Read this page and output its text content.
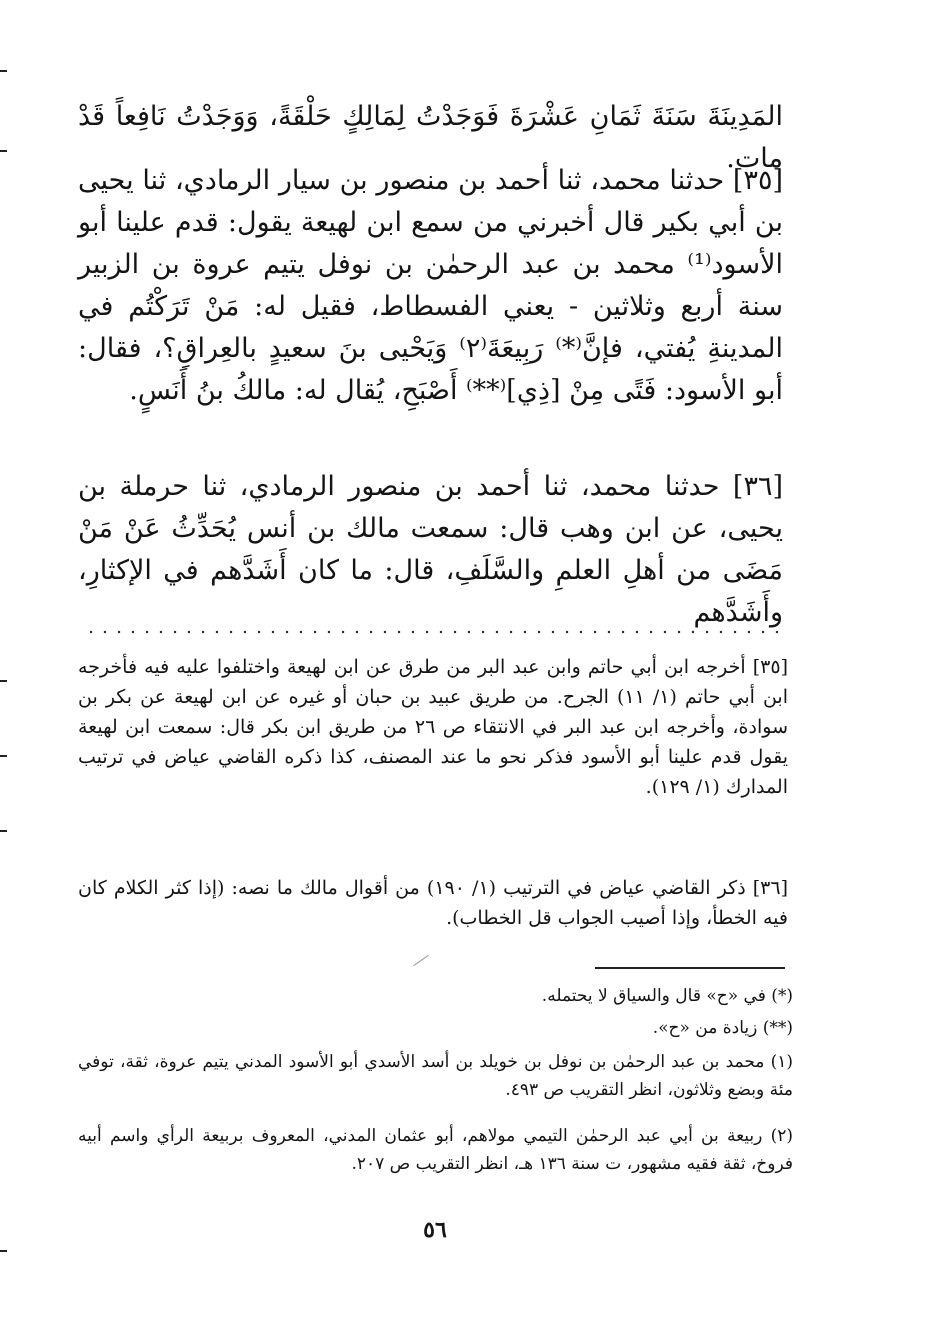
المَدِينَةَ سَنَةَ ثَمَانِ عَشْرَةَ فَوَجَدْتُ لِمَالِكٍ حَلْقَةً، وَوَجَدْتُ نَافِعاً قَدْ مات.

[٣٥] حدثنا محمد، ثنا أحمد بن منصور بن سيار الرمادي، ثنا يحيى بن أبي بكير قال أخبرني من سمع ابن لهيعة يقول: قدم علينا أبو الأسود⁽¹⁾ محمد بن عبد الرحمٰن بن نوفل يتيم عروة بن الزبير سنة أربع وثلاثين - يعني الفسطاط، فقيل له: مَنْ تَرَكْتُم في المدينةِ يُفتي، فإنَّ⁽*⁾ رَبِيعَةَ⁽٢⁾ وَيَحْيى بنَ سعيدٍ بالعِراقِ؟، فقال: أبو الأسود: فَتًى مِنْ [ذِي]⁽**⁾ أَصْبَحِ، يُقال له: مالكُ بنُ أَنَسٍ.

[٣٦] حدثنا محمد، ثنا أحمد بن منصور الرمادي، ثنا حرملة بن يحيى، عن ابن وهب قال: سمعت مالك بن أنس يُحَدِّثُ عَنْ مَنْ مَضَى من أهلِ العلمِ والسَّلَفِ، قال: ما كان أَشَدَّهم في الإكثارِ، وأَشَدَّهم

[٣٥] أخرجه ابن أبي حاتم وابن عبد البر من طرق عن ابن لهيعة واختلفوا عليه فيه فأخرجه ابن أبي حاتم (١/ ١١) الجرح. من طريق عبيد بن حبان أو غيره عن ابن لهيعة عن بكر بن سوادة، وأخرجه ابن عبد البر في الانتقاء ص ٢٦ من طريق ابن بكر قال: سمعت ابن لهيعة يقول قدم علينا أبو الأسود فذكر نحو ما عند المصنف، كذا ذكره القاضي عياض في ترتيب المدارك (١/ ١٢٩).

[٣٦] ذكر القاضي عياض في الترتيب (١/ ١٩٠) من أقوال مالك ما نصه: (إذا كثر الكلام كان فيه الخطأ، وإذا أصيب الجواب قل الخطاب).

(*) في «ح» قال والسياق لا يحتمله.

(**) زيادة من «ح».

(١) محمد بن عبد الرحمٰن بن نوفل بن خويلد بن أسد الأسدي أبو الأسود المدني يتيم عروة، ثقة، توفي مئة وبضع وثلاثون، انظر التقريب ص ٤٩٣.

(٢) ربيعة بن أبي عبد الرحمٰن التيمي مولاهم، أبو عثمان المدني، المعروف بربيعة الرأي واسم أبيه فروخ، ثقة فقيه مشهور، ت سنة ١٣٦ هـ، انظر التقريب ص ٢٠٧.

٥٦
